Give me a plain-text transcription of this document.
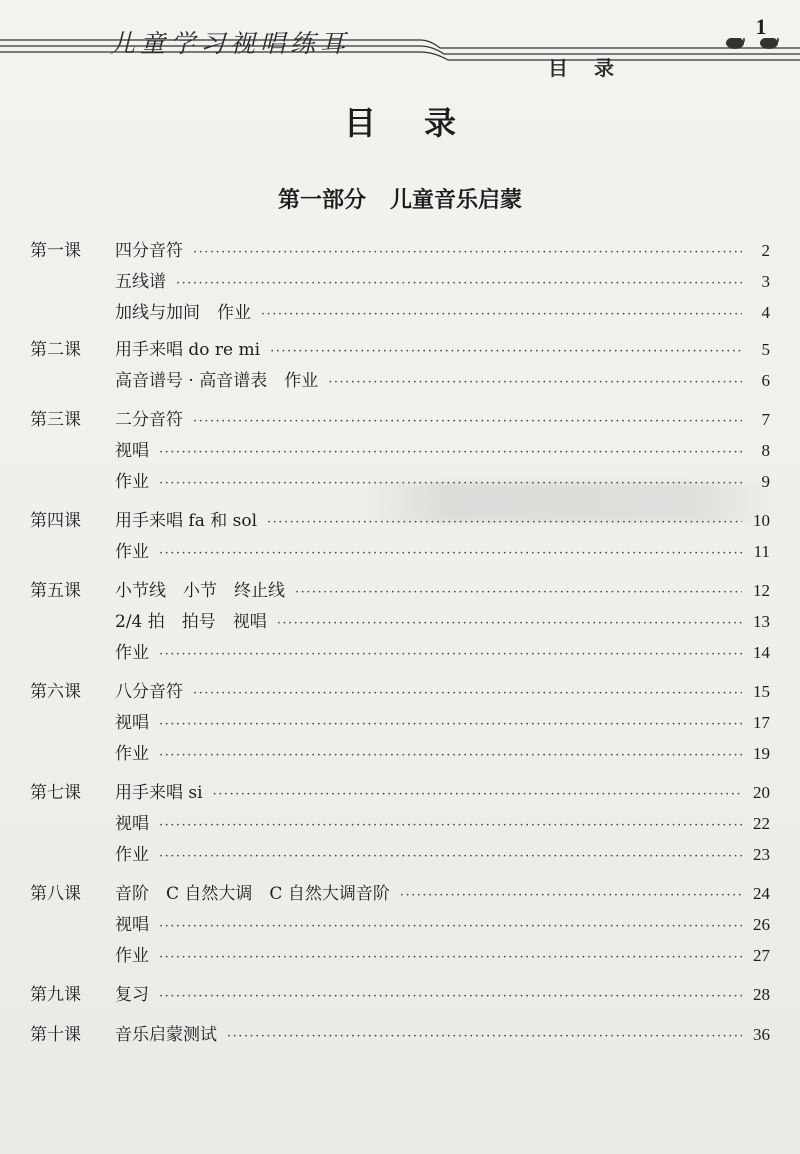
儿童学习视唱练耳
目录
1
目录
第一部分 儿童音乐启蒙
第一课 四分音符 ·····	2
五线谱 ·····	3
加线与加间　作业 ·····	4
第二课 用手来唱 do re mi ·····	5
高音谱号 · 高音谱表　作业 ·····	6
第三课 二分音符 ·····	7
视唱 ·····	8
作业 ·····	9
第四课 用手来唱 fa 和 sol ·····	10
作业 ·····	11
第五课 小节线　小节　终止线 ·····	12
2/4 拍　拍号　视唱 ·····	13
作业 ·····	14
第六课 八分音符 ·····	15
视唱 ·····	17
作业 ·····	19
第七课 用手来唱 si ·····	20
视唱 ·····	22
作业 ·····	23
第八课 音阶　C 自然大调　C 自然大调音阶 ·····	24
视唱 ·····	26
作业 ·····	27
第九课 复习 ·····	28
第十课 音乐启蒙测试 ·····	36
